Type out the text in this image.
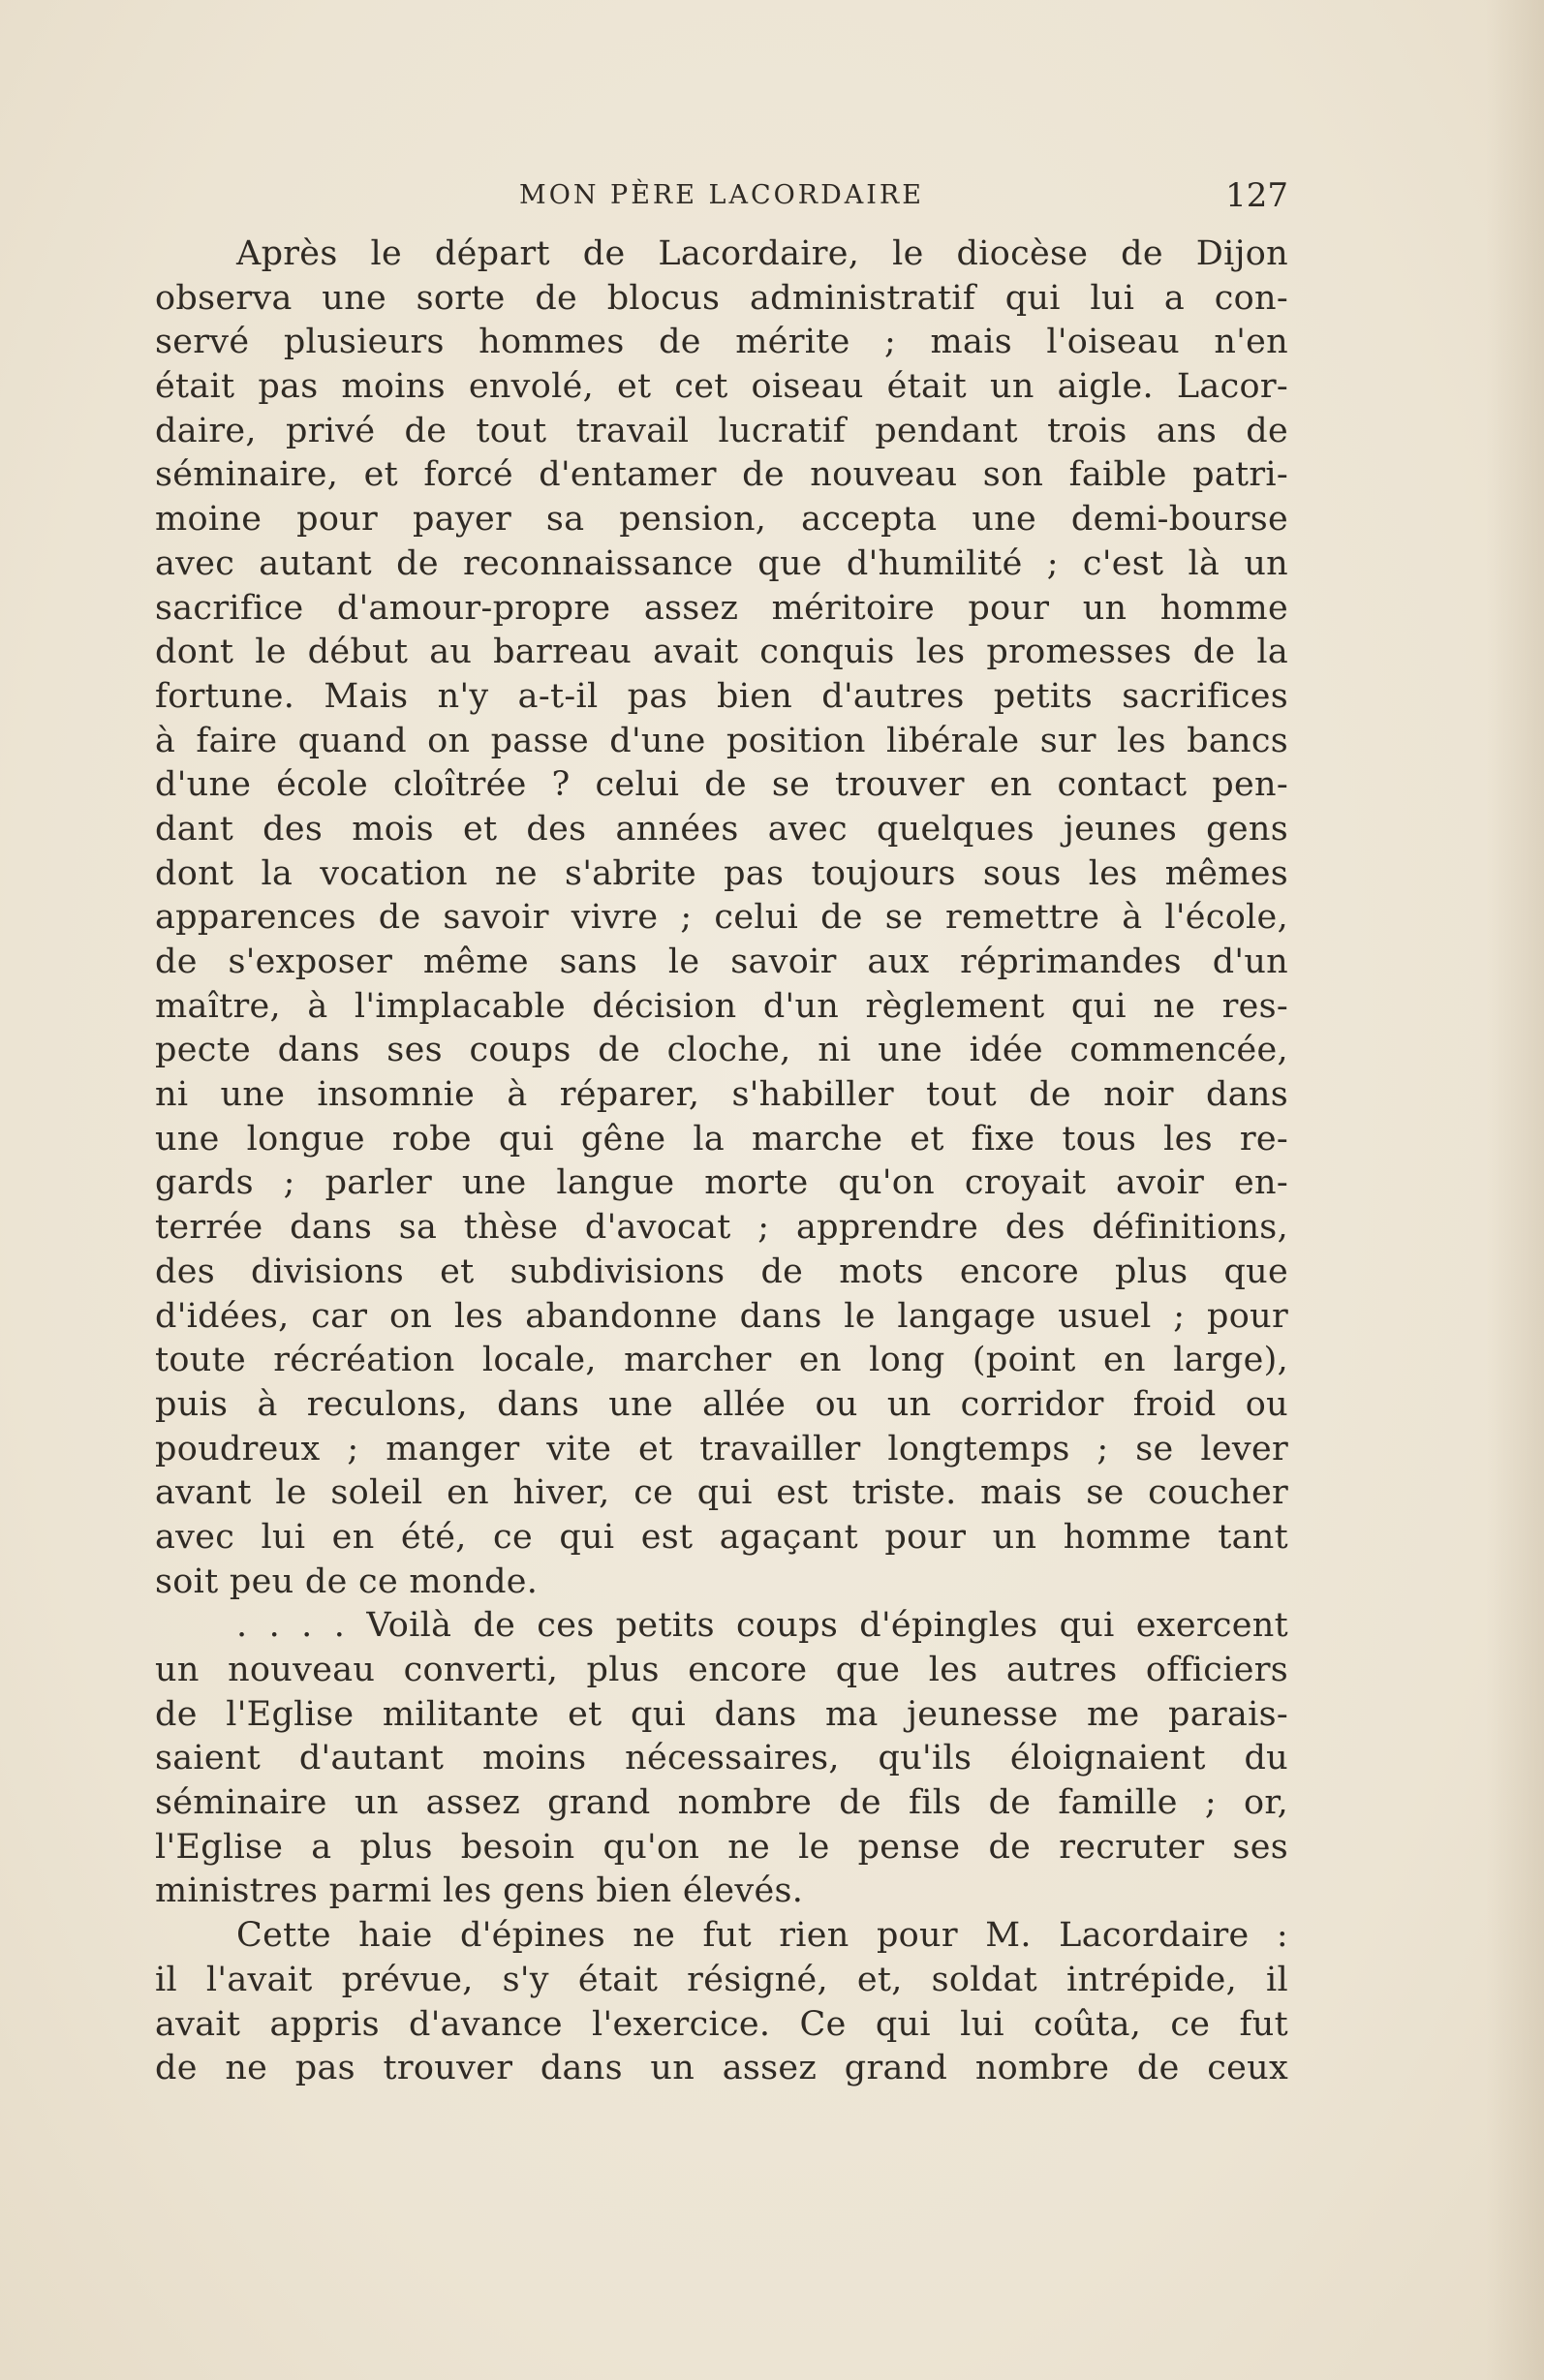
MON PÈRE LACORDAIRE	127
Après le départ de Lacordaire, le diocèse de Dijon
observa une sorte de blocus administratif qui lui a con-
servé plusieurs hommes de mérite ; mais l'oiseau n'en
était pas moins envolé, et cet oiseau était un aigle. Lacor-
daire, privé de tout travail lucratif pendant trois ans de
séminaire, et forcé d'entamer de nouveau son faible patri-
moine pour payer sa pension, accepta une demi-bourse
avec autant de reconnaissance que d'humilité ; c'est là un
sacrifice d'amour-propre assez méritoire pour un homme
dont le début au barreau avait conquis les promesses de la
fortune. Mais n'y a-t-il pas bien d'autres petits sacrifices
à faire quand on passe d'une position libérale sur les bancs
d'une école cloîtrée ? celui de se trouver en contact pen-
dant des mois et des années avec quelques jeunes gens
dont la vocation ne s'abrite pas toujours sous les mêmes
apparences de savoir vivre ; celui de se remettre à l'école,
de s'exposer même sans le savoir aux réprimandes d'un
maître, à l'implacable décision d'un règlement qui ne res-
pecte dans ses coups de cloche, ni une idée commencée,
ni une insomnie à réparer, s'habiller tout de noir dans
une longue robe qui gêne la marche et fixe tous les re-
gards ; parler une langue morte qu'on croyait avoir en-
terrée dans sa thèse d'avocat ; apprendre des définitions,
des divisions et subdivisions de mots encore plus que
d'idées, car on les abandonne dans le langage usuel ; pour
toute récréation locale, marcher en long (point en large),
puis à reculons, dans une allée ou un corridor froid ou
poudreux ; manger vite et travailler longtemps ; se lever
avant le soleil en hiver, ce qui est triste. mais se coucher
avec lui en été, ce qui est agaçant pour un homme tant
soit peu de ce monde.
. . . . Voilà de ces petits coups d'épingles qui exercent
un nouveau converti, plus encore que les autres officiers
de l'Eglise militante et qui dans ma jeunesse me parais-
saient d'autant moins nécessaires, qu'ils éloignaient du
séminaire un assez grand nombre de fils de famille ; or,
l'Eglise a plus besoin qu'on ne le pense de recruter ses
ministres parmi les gens bien élevés.
Cette haie d'épines ne fut rien pour M. Lacordaire :
il l'avait prévue, s'y était résigné, et, soldat intrépide, il
avait appris d'avance l'exercice. Ce qui lui coûta, ce fut
de ne pas trouver dans un assez grand nombre de ceux
